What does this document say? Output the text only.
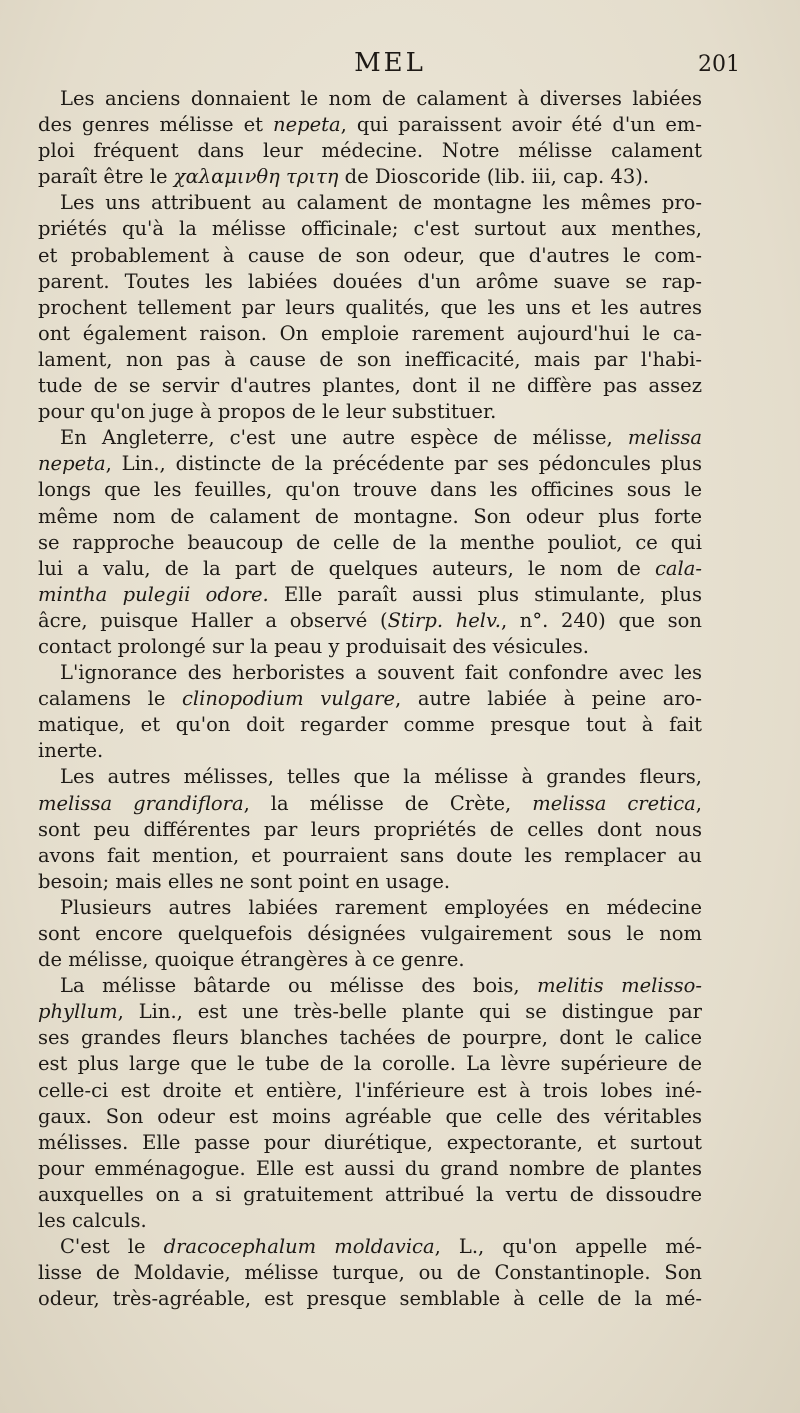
MEL	201
Les anciens donnaient le nom de calament à diverses labiées
des genres mélisse et nepeta, qui paraissent avoir été d'un em-
ploi fréquent dans leur médecine. Notre mélisse calament
paraît être le χαλαμινθη τριτη de Dioscoride (lib. iii, cap. 43).
Les uns attribuent au calament de montagne les mêmes pro-
priétés qu'à la mélisse officinale; c'est surtout aux menthes,
et probablement à cause de son odeur, que d'autres le com-
parent. Toutes les labiées douées d'un arôme suave se rap-
prochent tellement par leurs qualités, que les uns et les autres
ont également raison. On emploie rarement aujourd'hui le ca-
lament, non pas à cause de son inefficacité, mais par l'habi-
tude de se servir d'autres plantes, dont il ne diffère pas assez
pour qu'on juge à propos de le leur substituer.
En Angleterre, c'est une autre espèce de mélisse, melissa
nepeta, Lin., distincte de la précédente par ses pédoncules plus
longs que les feuilles, qu'on trouve dans les officines sous le
même nom de calament de montagne. Son odeur plus forte
se rapproche beaucoup de celle de la menthe pouliot, ce qui
lui a valu, de la part de quelques auteurs, le nom de cala-
mintha pulegii odore. Elle paraît aussi plus stimulante, plus
âcre, puisque Haller a observé (Stirp. helv., n°. 240) que son
contact prolongé sur la peau y produisait des vésicules.
L'ignorance des herboristes a souvent fait confondre avec les
calamens le clinopodium vulgare, autre labiée à peine aro-
matique, et qu'on doit regarder comme presque tout à fait
inerte.
Les autres mélisses, telles que la mélisse à grandes fleurs,
melissa grandiflora, la mélisse de Crète, melissa cretica,
sont peu différentes par leurs propriétés de celles dont nous
avons fait mention, et pourraient sans doute les remplacer au
besoin; mais elles ne sont point en usage.
Plusieurs autres labiées rarement employées en médecine
sont encore quelquefois désignées vulgairement sous le nom
de mélisse, quoique étrangères à ce genre.
La mélisse bâtarde ou mélisse des bois, melitis melisso-
phyllum, Lin., est une très-belle plante qui se distingue par
ses grandes fleurs blanches tachées de pourpre, dont le calice
est plus large que le tube de la corolle. La lèvre supérieure de
celle-ci est droite et entière, l'inférieure est à trois lobes iné-
gaux. Son odeur est moins agréable que celle des véritables
mélisses. Elle passe pour diurétique, expectorante, et surtout
pour emménagogue. Elle est aussi du grand nombre de plantes
auxquelles on a si gratuitement attribué la vertu de dissoudre
les calculs.
C'est le dracocephalum moldavica, L., qu'on appelle mé-
lisse de Moldavie, mélisse turque, ou de Constantinople. Son
odeur, très-agréable, est presque semblable à celle de la mé-
